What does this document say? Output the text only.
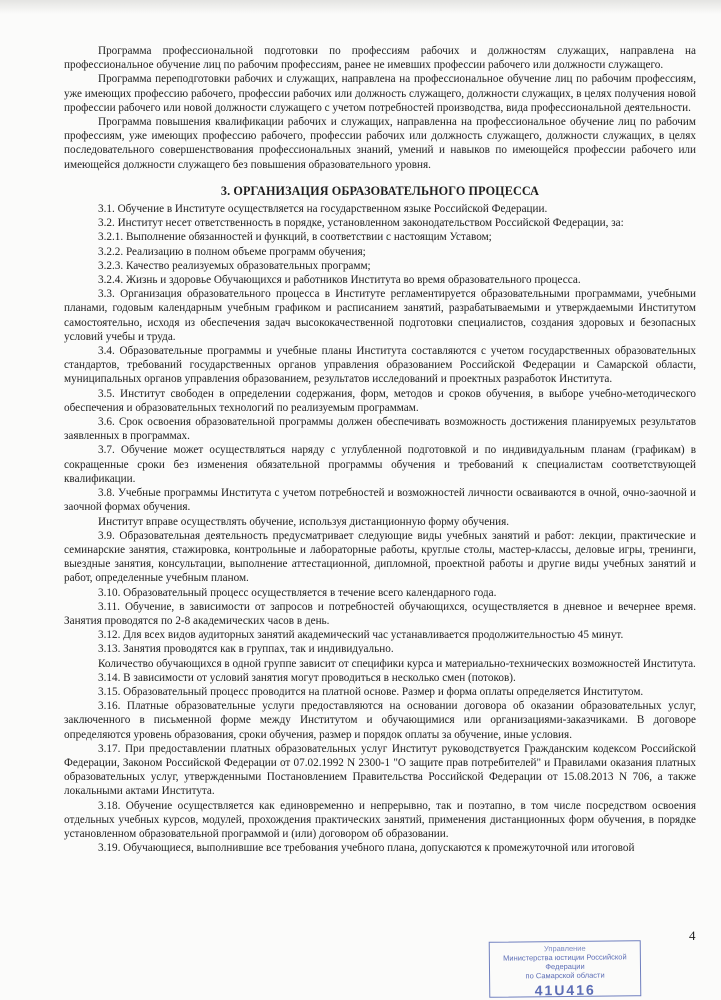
Программа профессиональной подготовки по профессиям рабочих и должностям служащих, направлена на профессиональное обучение лиц по рабочим профессиям, ранее не имевших профессии рабочего или должности служащего.

Программа переподготовки рабочих и служащих, направлена на профессиональное обучение лиц по рабочим профессиям, уже имеющих профессию рабочего, профессии рабочих или должность служащего, должности служащих, в целях получения новой профессии рабочего или новой должности служащего с учетом потребностей производства, вида профессиональной деятельности.

Программа повышения квалификации рабочих и служащих, направленна на профессиональное обучение лиц по рабочим профессиям, уже имеющих профессию рабочего, профессии рабочих или должность служащего, должности служащих, в целях последовательного совершенствования профессиональных знаний, умений и навыков по имеющейся профессии рабочего или имеющейся должности служащего без повышения образовательного уровня.

3. ОРГАНИЗАЦИЯ ОБРАЗОВАТЕЛЬНОГО ПРОЦЕССА

3.1. Обучение в Институте осуществляется на государственном языке Российской Федерации.

3.2. Институт несет ответственность в порядке, установленном законодательством Российской Федерации, за:

3.2.1. Выполнение обязанностей и функций, в соответствии с настоящим Уставом;

3.2.2. Реализацию в полном объеме программ обучения;

3.2.3. Качество реализуемых образовательных программ;

3.2.4. Жизнь и здоровье Обучающихся и работников Института во время образовательного процесса.

3.3. Организация образовательного процесса в Институте регламентируется образовательными программами, учебными планами, годовым календарным учебным графиком и расписанием занятий, разрабатываемыми и утверждаемыми Институтом самостоятельно, исходя из обеспечения задач высококачественной подготовки специалистов, создания здоровых и безопасных условий учебы и труда.

3.4. Образовательные программы и учебные планы Института составляются с учетом государственных образовательных стандартов, требований государственных органов управления образованием Российской Федерации и Самарской области, муниципальных органов управления образованием, результатов исследований и проектных разработок Института.

3.5. Институт свободен в определении содержания, форм, методов и сроков обучения, в выборе учебно-методического обеспечения и образовательных технологий по реализуемым программам.

3.6. Срок освоения образовательной программы должен обеспечивать возможность достижения планируемых результатов заявленных в программах.

3.7. Обучение может осуществляться наряду с углубленной подготовкой и по индивидуальным планам (графикам) в сокращенные сроки без изменения обязательной программы обучения и требований к специалистам соответствующей квалификации.

3.8. Учебные программы Института с учетом потребностей и возможностей личности осваиваются в очной, очно-заочной и заочной формах обучения.

Институт вправе осуществлять обучение, используя дистанционную форму обучения.

3.9. Образовательная деятельность предусматривает следующие виды учебных занятий и работ: лекции, практические и семинарские занятия, стажировка, контрольные и лабораторные работы, круглые столы, мастер-классы, деловые игры, тренинги, выездные занятия, консультации, выполнение аттестационной, дипломной, проектной работы и другие виды учебных занятий и работ, определенные учебным планом.

3.10. Образовательный процесс осуществляется в течение всего календарного года.

3.11. Обучение, в зависимости от запросов и потребностей обучающихся, осуществляется в дневное и вечернее время. Занятия проводятся по 2-8 академических часов в день.

3.12. Для всех видов аудиторных занятий академический час устанавливается продолжительностью 45 минут.

3.13. Занятия проводятся как в группах, так и индивидуально.

Количество обучающихся в одной группе зависит от специфики курса и материально-технических возможностей Института.

3.14. В зависимости от условий занятия могут проводиться в несколько смен (потоков).

3.15. Образовательный процесс проводится на платной основе. Размер и форма оплаты определяется Институтом.

3.16. Платные образовательные услуги предоставляются на основании договора об оказании образовательных услуг, заключенного в письменной форме между Институтом и обучающимися или организациями-заказчиками. В договоре определяются уровень образования, сроки обучения, размер и порядок оплаты за обучение, иные условия.

3.17. При предоставлении платных образовательных услуг Институт руководствуется Гражданским кодексом Российской Федерации, Законом Российской Федерации от 07.02.1992 N 2300-1 "О защите прав потребителей" и Правилами оказания платных образовательных услуг, утвержденными Постановлением Правительства Российской Федерации от 15.08.2013 N 706, а также локальными актами Института.

3.18. Обучение осуществляется как единовременно и непрерывно, так и поэтапно, в том числе посредством освоения отдельных учебных курсов, модулей, прохождения практических занятий, применения дистанционных форм обучения, в порядке установленном образовательной программой и (или) договором об образовании.

3.19. Обучающиеся, выполнившие все требования учебного плана, допускаются к промежуточной или итоговой

4
Управление
Министерства юстиции Российской Федерации
по Самарской области
41U416
